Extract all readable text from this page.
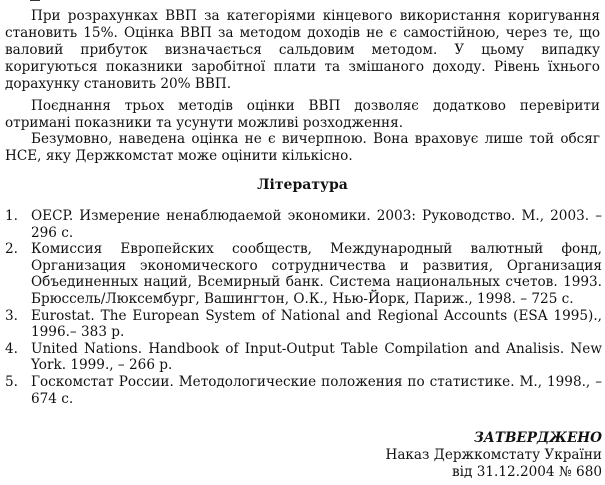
При розрахунках ВВП за категоріями кінцевого використання коригування становить 15%. Оцінка ВВП за методом доходів не є самостійною, через те, що валовий прибуток визначається сальдовим методом. У цьому випадку коригуються показники заробітної плати та змішаного доходу. Рівень їхнього дорахунку становить 20% ВВП.

Поєднання трьох методів оцінки ВВП дозволяє додатково перевірити отримані показники та усунути можливі розходження.

Безумовно, наведена оцінка не є вичерпною. Вона враховує лише той обсяг НСЕ, яку Держкомстат може оцінити кількісно.

Література
1. OECP. Измерение ненаблюдаемой экономики. 2003: Руководство. М., 2003. – 296 с.
2. Комиссия Европейских сообществ, Международный валютный фонд, Организация экономического сотрудничества и развития, Организация Объединенных наций, Всемирный банк. Система национальных счетов. 1993. Брюссель/Люксембург, Вашингтон, О.К., Нью-Йорк, Париж., 1998. – 725 с.
3. Eurostat. The European System of National and Regional Accounts (ESA 1995)., 1996.– 383 р.
4. United Nations. Handbook of Input-Output Table Compilation and Analisis. New York. 1999., – 266 р.
5. Госкомстат России. Методологические положения по статистике. М., 1998., – 674 с.
ЗАТВЕРДЖЕНО
Наказ Держкомстату України
від 31.12.2004 № 680
